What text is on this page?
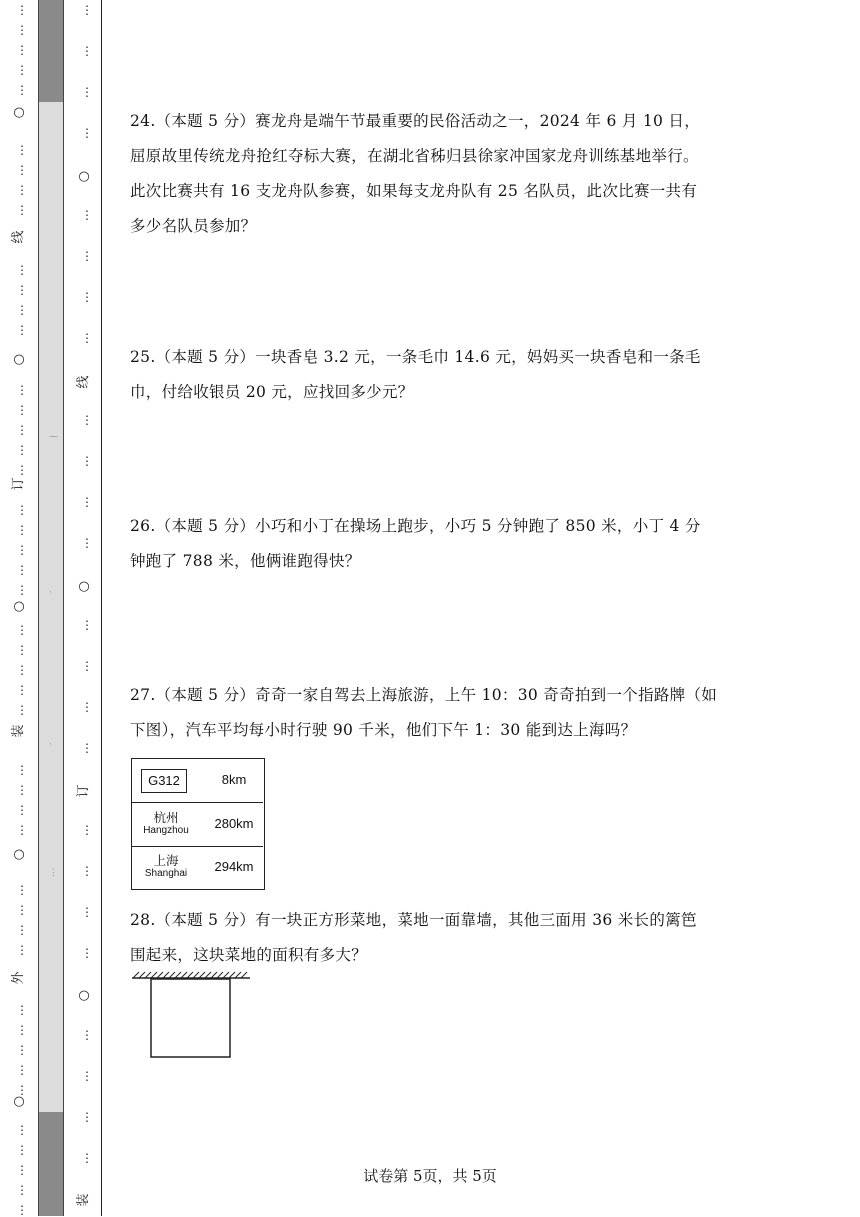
—
·
·
⋮
24.（本题 5 分）赛龙舟是端午节最重要的民俗活动之一，2024 年 6 月 10 日，
屈原故里传统龙舟抢红夺标大赛，在湖北省秭归县徐家冲国家龙舟训练基地举行。
此次比赛共有 16 支龙舟队参赛，如果每支龙舟队有 25 名队员，此次比赛一共有
多少名队员参加？
25.（本题 5 分）一块香皂 3.2 元，一条毛巾 14.6 元，妈妈买一块香皂和一条毛
巾，付给收银员 20 元，应找回多少元？
26.（本题 5 分）小巧和小丁在操场上跑步，小巧 5 分钟跑了 850 米，小丁 4 分
钟跑了 788 米，他俩谁跑得快？
27.（本题 5 分）奇奇一家自驾去上海旅游，上午 10：30 奇奇拍到一个指路牌（如
下图），汽车平均每小时行驶 90 千米，他们下午 1：30 能到达上海吗？
G312	8km
杭州
Hangzhou	280km
上海
Shanghai	294km
28.（本题 5 分）有一块正方形菜地，菜地一面靠墙，其他三面用 36 米长的篱笆
围起来，这块菜地的面积有多大？
试卷第 5页，共 5页
⋮
⋮
⋮
⋮
⋮
⋮
⋮
⋮
⋮
⋮
⋮
⋮
⋮
⋮
⋮
⋮
⋮
⋮
⋮
⋮
⋮
⋮
⋮
⋮
⋮
⋮
⋮
⋮
⋮
⋮
⋮
⋮
⋮
⋮
⋮
⋮
⋮
⋮
⋮
⋮
⋮
⋮
⋮
⋮
⋮
⋮
○
线
○
订
○
装
○
外
○
⋮
⋮
⋮
⋮
⋮
⋮
⋮
⋮
⋮
⋮
⋮
⋮
⋮
⋮
⋮
⋮
⋮
⋮
⋮
⋮
⋮
⋮
⋮
⋮
○
线
○
订
○
装
